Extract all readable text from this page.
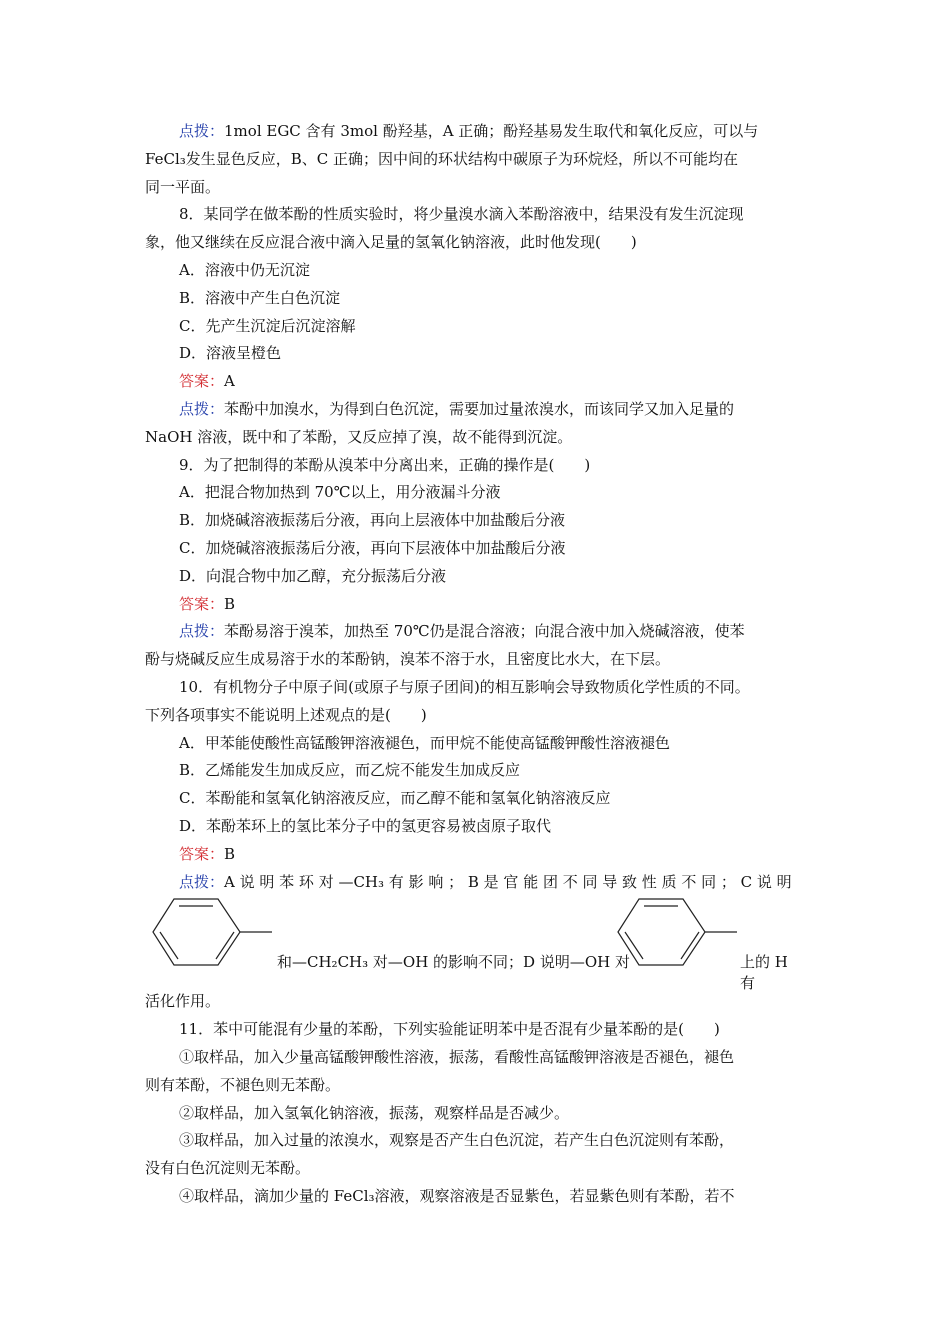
点拨：1mol EGC 含有 3mol 酚羟基，A 正确；酚羟基易发生取代和氧化反应，可以与

FeCl₃发生显色反应，B、C 正确；因中间的环状结构中碳原子为环烷烃，所以不可能均在

同一平面。

8．某同学在做苯酚的性质实验时，将少量溴水滴入苯酚溶液中，结果没有发生沉淀现

象，他又继续在反应混合液中滴入足量的氢氧化钠溶液，此时他发现(　　)

A．溶液中仍无沉淀

B．溶液中产生白色沉淀

C．先产生沉淀后沉淀溶解

D．溶液呈橙色

答案：A

点拨：苯酚中加溴水，为得到白色沉淀，需要加过量浓溴水，而该同学又加入足量的

NaOH 溶液，既中和了苯酚，又反应掉了溴，故不能得到沉淀。

9．为了把制得的苯酚从溴苯中分离出来，正确的操作是(　　)

A．把混合物加热到 70℃以上，用分液漏斗分液

B．加烧碱溶液振荡后分液，再向上层液体中加盐酸后分液

C．加烧碱溶液振荡后分液，再向下层液体中加盐酸后分液

D．向混合物中加乙醇，充分振荡后分液

答案：B

点拨：苯酚易溶于溴苯，加热至 70℃仍是混合溶液；向混合液中加入烧碱溶液，使苯

酚与烧碱反应生成易溶于水的苯酚钠，溴苯不溶于水，且密度比水大，在下层。

10．有机物分子中原子间(或原子与原子团间)的相互影响会导致物质化学性质的不同。

下列各项事实不能说明上述观点的是(　　)

A．甲苯能使酸性高锰酸钾溶液褪色，而甲烷不能使高锰酸钾酸性溶液褪色

B．乙烯能发生加成反应，而乙烷不能发生加成反应

C．苯酚能和氢氧化钠溶液反应，而乙醇不能和氢氧化钠溶液反应

D．苯酚苯环上的氢比苯分子中的氢更容易被卤原子取代

答案：B

点拨：A 说 明 苯 环 对 —CH₃ 有 影 响 ； B 是 官 能 团 不 同 导 致 性 质 不 同 ； C 说 明

和—CH₂CH₃ 对—OH 的影响不同；D 说明—OH 对	上的 H 有

活化作用。

11．苯中可能混有少量的苯酚，下列实验能证明苯中是否混有少量苯酚的是(　　)

①取样品，加入少量高锰酸钾酸性溶液，振荡，看酸性高锰酸钾溶液是否褪色，褪色

则有苯酚，不褪色则无苯酚。

②取样品，加入氢氧化钠溶液，振荡，观察样品是否减少。

③取样品，加入过量的浓溴水，观察是否产生白色沉淀，若产生白色沉淀则有苯酚，

没有白色沉淀则无苯酚。

④取样品，滴加少量的 FeCl₃溶液，观察溶液是否显紫色，若显紫色则有苯酚，若不
